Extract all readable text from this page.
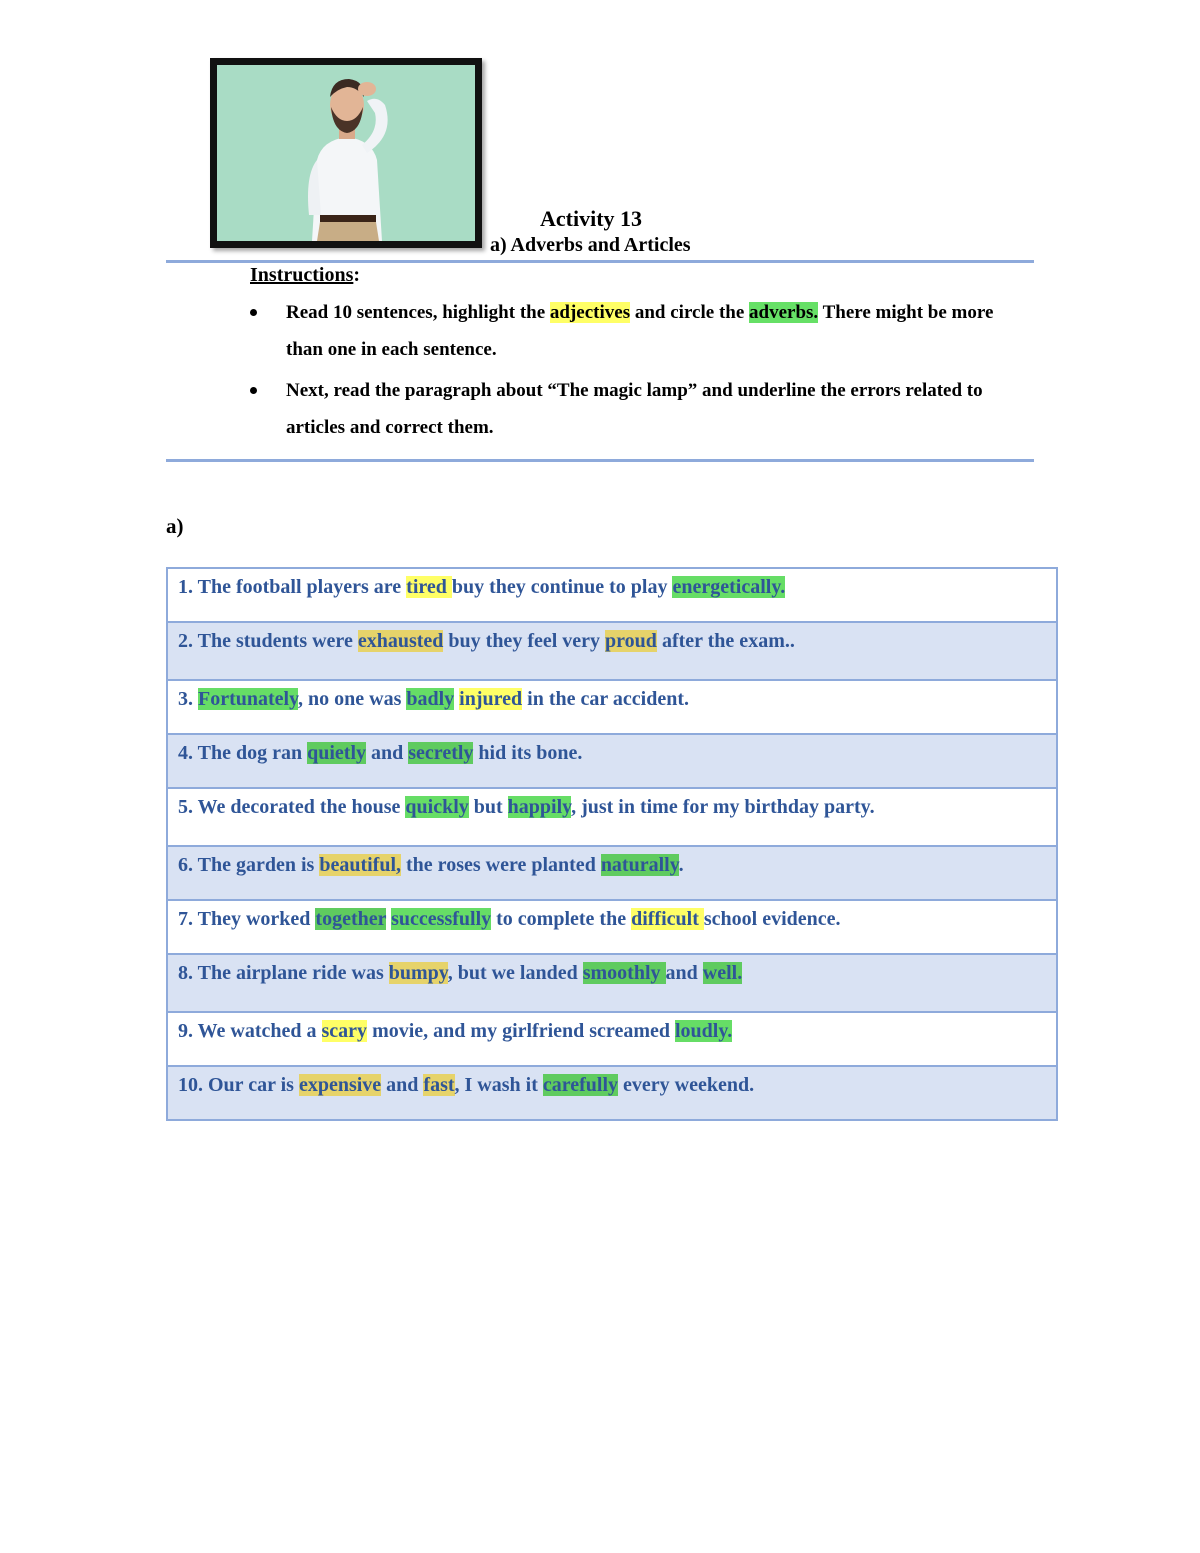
Activity 13
a) Adverbs and Articles
Instructions:
Read 10 sentences, highlight the adjectives and circle the adverbs. There might be more than one in each sentence.
Next, read the paragraph about “The magic lamp” and underline the errors related to articles and correct them.
a)
1. The football players are tired buy they continue to play energetically.
2. The students were exhausted buy they feel very proud after the exam..
3. Fortunately, no one was badly injured in the car accident.
4. The dog ran quietly and secretly hid its bone.
5. We decorated the house quickly but happily, just in time for my birthday party.
6. The garden is beautiful, the roses were planted naturally.
7. They worked together successfully to complete the difficult school evidence.
8. The airplane ride was bumpy, but we landed smoothly and well.
9. We watched a scary movie, and my girlfriend screamed loudly.
10. Our car is expensive and fast, I wash it carefully every weekend.
